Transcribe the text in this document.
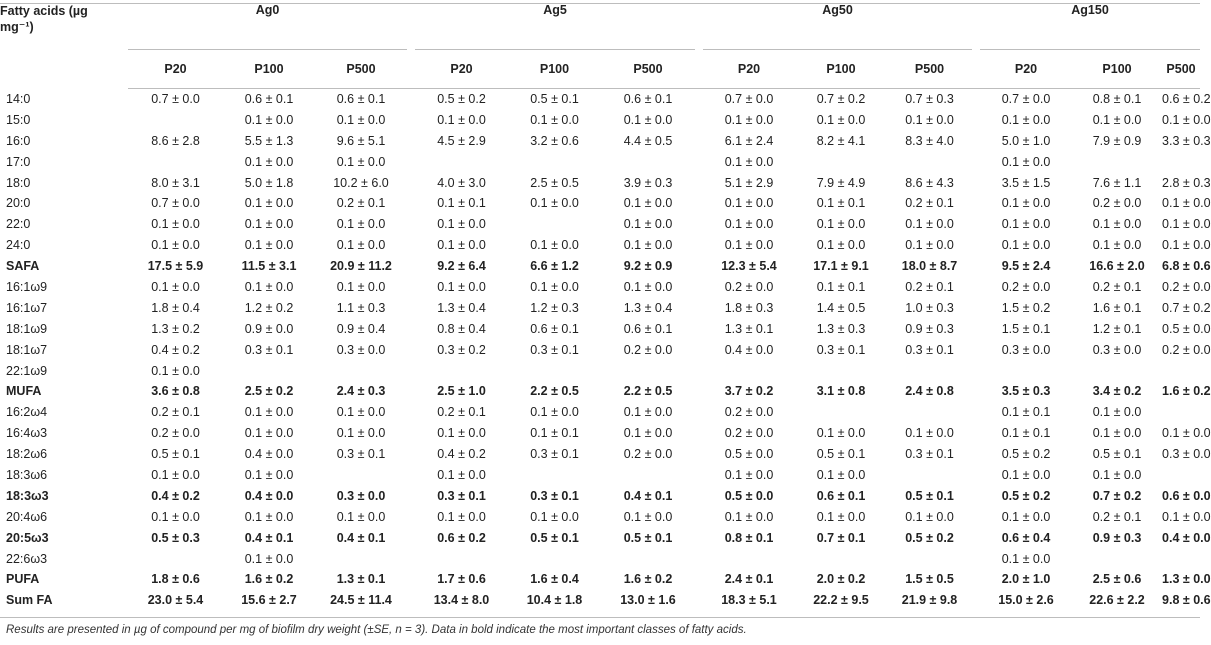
Fatty acids (µg
mg⁻¹)	Ag0				Ag5				Ag50				Ag150		

	P20	P100	P500		P20	P100	P500		P20	P100	P500		P20	P100	P500
14:0	0.7 ± 0.0	0.6 ± 0.1	0.6 ± 0.1		0.5 ± 0.2	0.5 ± 0.1	0.6 ± 0.1		0.7 ± 0.0	0.7 ± 0.2	0.7 ± 0.3		0.7 ± 0.0	0.8 ± 0.1	0.6 ± 0.2
15:0		0.1 ± 0.0	0.1 ± 0.0		0.1 ± 0.0	0.1 ± 0.0	0.1 ± 0.0		0.1 ± 0.0	0.1 ± 0.0	0.1 ± 0.0		0.1 ± 0.0	0.1 ± 0.0	0.1 ± 0.0
16:0	8.6 ± 2.8	5.5 ± 1.3	9.6 ± 5.1		4.5 ± 2.9	3.2 ± 0.6	4.4 ± 0.5		6.1 ± 2.4	8.2 ± 4.1	8.3 ± 4.0		5.0 ± 1.0	7.9 ± 0.9	3.3 ± 0.3
17:0		0.1 ± 0.0	0.1 ± 0.0						0.1 ± 0.0				0.1 ± 0.0		
18:0	8.0 ± 3.1	5.0 ± 1.8	10.2 ± 6.0		4.0 ± 3.0	2.5 ± 0.5	3.9 ± 0.3		5.1 ± 2.9	7.9 ± 4.9	8.6 ± 4.3		3.5 ± 1.5	7.6 ± 1.1	2.8 ± 0.3
20:0	0.7 ± 0.0	0.1 ± 0.0	0.2 ± 0.1		0.1 ± 0.1	0.1 ± 0.0	0.1 ± 0.0		0.1 ± 0.0	0.1 ± 0.1	0.2 ± 0.1		0.1 ± 0.0	0.2 ± 0.0	0.1 ± 0.0
22:0	0.1 ± 0.0	0.1 ± 0.0	0.1 ± 0.0		0.1 ± 0.0		0.1 ± 0.0		0.1 ± 0.0	0.1 ± 0.0	0.1 ± 0.0		0.1 ± 0.0	0.1 ± 0.0	0.1 ± 0.0
24:0	0.1 ± 0.0	0.1 ± 0.0	0.1 ± 0.0		0.1 ± 0.0	0.1 ± 0.0	0.1 ± 0.0		0.1 ± 0.0	0.1 ± 0.0	0.1 ± 0.0		0.1 ± 0.0	0.1 ± 0.0	0.1 ± 0.0
SAFA	17.5 ± 5.9	11.5 ± 3.1	20.9 ± 11.2		9.2 ± 6.4	6.6 ± 1.2	9.2 ± 0.9		12.3 ± 5.4	17.1 ± 9.1	18.0 ± 8.7		9.5 ± 2.4	16.6 ± 2.0	6.8 ± 0.6
16:1ω9	0.1 ± 0.0	0.1 ± 0.0	0.1 ± 0.0		0.1 ± 0.0	0.1 ± 0.0	0.1 ± 0.0		0.2 ± 0.0	0.1 ± 0.1	0.2 ± 0.1		0.2 ± 0.0	0.2 ± 0.1	0.2 ± 0.0
16:1ω7	1.8 ± 0.4	1.2 ± 0.2	1.1 ± 0.3		1.3 ± 0.4	1.2 ± 0.3	1.3 ± 0.4		1.8 ± 0.3	1.4 ± 0.5	1.0 ± 0.3		1.5 ± 0.2	1.6 ± 0.1	0.7 ± 0.2
18:1ω9	1.3 ± 0.2	0.9 ± 0.0	0.9 ± 0.4		0.8 ± 0.4	0.6 ± 0.1	0.6 ± 0.1		1.3 ± 0.1	1.3 ± 0.3	0.9 ± 0.3		1.5 ± 0.1	1.2 ± 0.1	0.5 ± 0.0
18:1ω7	0.4 ± 0.2	0.3 ± 0.1	0.3 ± 0.0		0.3 ± 0.2	0.3 ± 0.1	0.2 ± 0.0		0.4 ± 0.0	0.3 ± 0.1	0.3 ± 0.1		0.3 ± 0.0	0.3 ± 0.0	0.2 ± 0.0
22:1ω9	0.1 ± 0.0														
MUFA	3.6 ± 0.8	2.5 ± 0.2	2.4 ± 0.3		2.5 ± 1.0	2.2 ± 0.5	2.2 ± 0.5		3.7 ± 0.2	3.1 ± 0.8	2.4 ± 0.8		3.5 ± 0.3	3.4 ± 0.2	1.6 ± 0.2
16:2ω4	0.2 ± 0.1	0.1 ± 0.0	0.1 ± 0.0		0.2 ± 0.1	0.1 ± 0.0	0.1 ± 0.0		0.2 ± 0.0				0.1 ± 0.1	0.1 ± 0.0	
16:4ω3	0.2 ± 0.0	0.1 ± 0.0	0.1 ± 0.0		0.1 ± 0.0	0.1 ± 0.1	0.1 ± 0.0		0.2 ± 0.0	0.1 ± 0.0	0.1 ± 0.0		0.1 ± 0.1	0.1 ± 0.0	0.1 ± 0.0
18:2ω6	0.5 ± 0.1	0.4 ± 0.0	0.3 ± 0.1		0.4 ± 0.2	0.3 ± 0.1	0.2 ± 0.0		0.5 ± 0.0	0.5 ± 0.1	0.3 ± 0.1		0.5 ± 0.2	0.5 ± 0.1	0.3 ± 0.0
18:3ω6	0.1 ± 0.0	0.1 ± 0.0			0.1 ± 0.0				0.1 ± 0.0	0.1 ± 0.0			0.1 ± 0.0	0.1 ± 0.0	
18:3ω3	0.4 ± 0.2	0.4 ± 0.0	0.3 ± 0.0		0.3 ± 0.1	0.3 ± 0.1	0.4 ± 0.1		0.5 ± 0.0	0.6 ± 0.1	0.5 ± 0.1		0.5 ± 0.2	0.7 ± 0.2	0.6 ± 0.0
20:4ω6	0.1 ± 0.0	0.1 ± 0.0	0.1 ± 0.0		0.1 ± 0.0	0.1 ± 0.0	0.1 ± 0.0		0.1 ± 0.0	0.1 ± 0.0	0.1 ± 0.0		0.1 ± 0.0	0.2 ± 0.1	0.1 ± 0.0
20:5ω3	0.5 ± 0.3	0.4 ± 0.1	0.4 ± 0.1		0.6 ± 0.2	0.5 ± 0.1	0.5 ± 0.1		0.8 ± 0.1	0.7 ± 0.1	0.5 ± 0.2		0.6 ± 0.4	0.9 ± 0.3	0.4 ± 0.0
22:6ω3		0.1 ± 0.0											0.1 ± 0.0		
PUFA	1.8 ± 0.6	1.6 ± 0.2	1.3 ± 0.1		1.7 ± 0.6	1.6 ± 0.4	1.6 ± 0.2		2.4 ± 0.1	2.0 ± 0.2	1.5 ± 0.5		2.0 ± 1.0	2.5 ± 0.6	1.3 ± 0.0
Sum FA	23.0 ± 5.4	15.6 ± 2.7	24.5 ± 11.4		13.4 ± 8.0	10.4 ± 1.8	13.0 ± 1.6		18.3 ± 5.1	22.2 ± 9.5	21.9 ± 9.8		15.0 ± 2.6	22.6 ± 2.2	9.8 ± 0.6
Results are presented in µg of compound per mg of biofilm dry weight (±SE, n = 3). Data in bold indicate the most important classes of fatty acids.
